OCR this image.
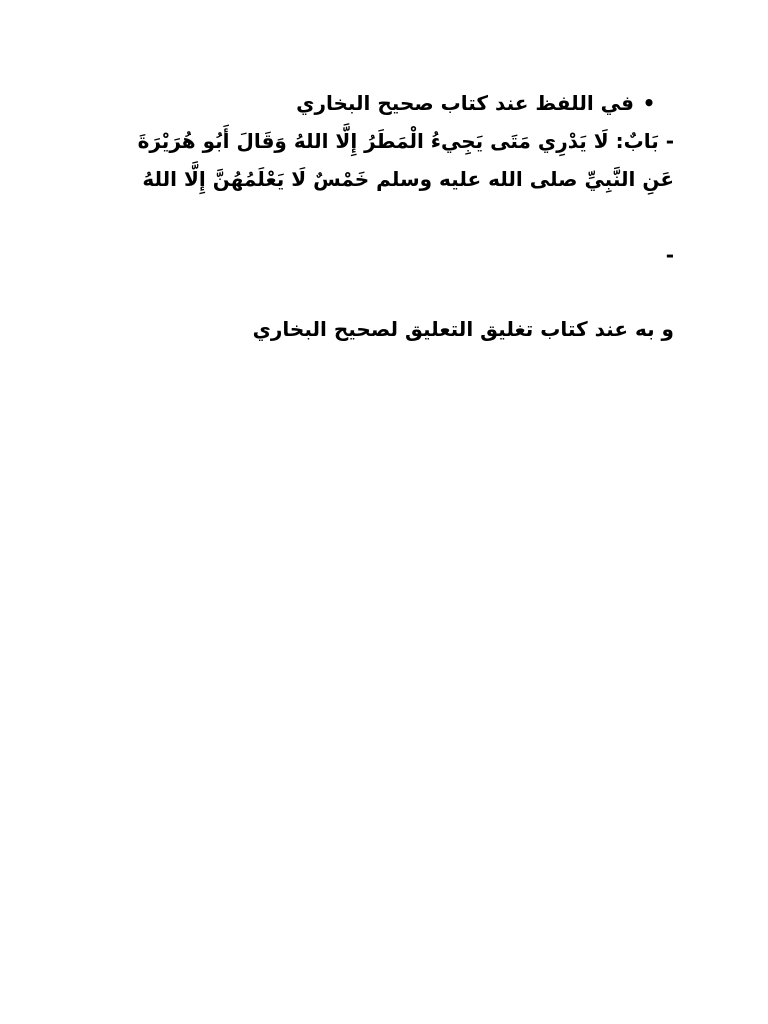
•
في اللفظ عند كتاب صحيح البخاري
- بَابٌ: لَا يَدْرِي مَتَى يَجِيءُ الْمَطَرُ إِلَّا اللهُ وَقَالَ أَبُو هُرَيْرَةَ عَنِ النَّبِيِّ صلى الله عليه وسلم خَمْسٌ لَا يَعْلَمُهُنَّ إِلَّا اللهُ
-
و به عند كتاب تغليق التعليق لصحيح البخاري
